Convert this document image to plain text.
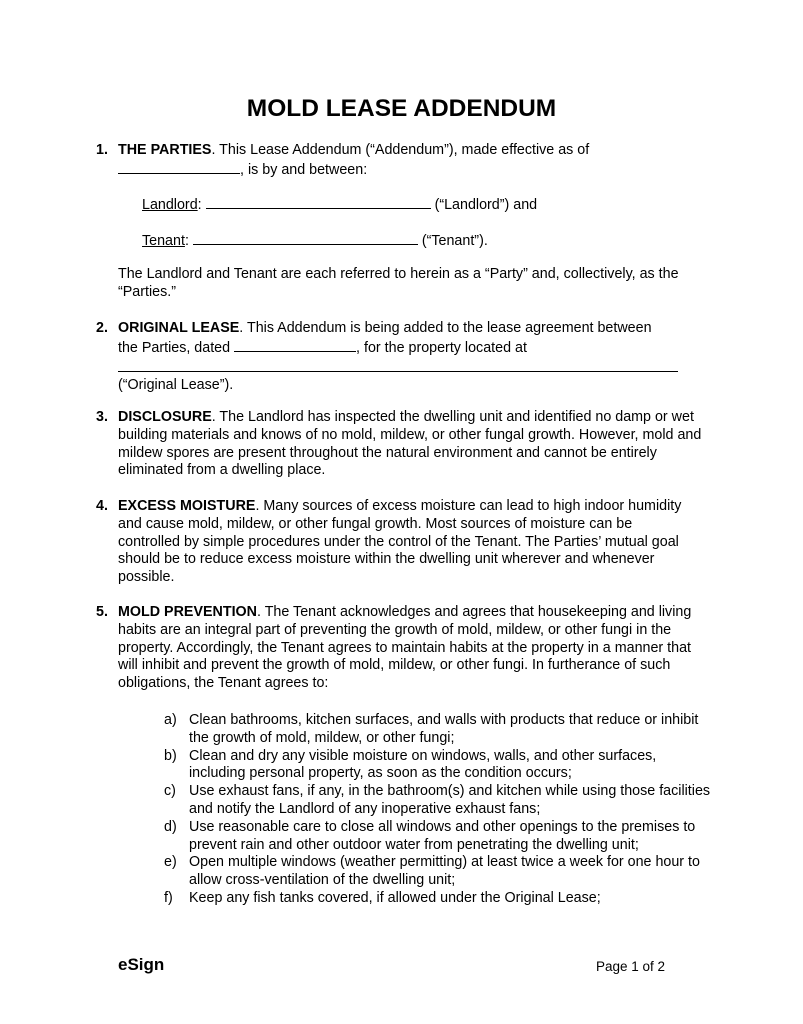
MOLD LEASE ADDENDUM
1. THE PARTIES. This Lease Addendum (“Addendum”), made effective as of
, is by and between:
Landlord:	(“Landlord”) and
Tenant:	(“Tenant”).
The Landlord and Tenant are each referred to herein as a “Party” and, collectively, as the “Parties.”
2. ORIGINAL LEASE. This Addendum is being added to the lease agreement between
the Parties, dated	, for the property located at

(“Original Lease”).
3. DISCLOSURE. The Landlord has inspected the dwelling unit and identified no damp or wet building materials and knows of no mold, mildew, or other fungal growth. However, mold and mildew spores are present throughout the natural environment and cannot be entirely eliminated from a dwelling place.
4. EXCESS MOISTURE. Many sources of excess moisture can lead to high indoor humidity and cause mold, mildew, or other fungal growth. Most sources of moisture can be controlled by simple procedures under the control of the Tenant. The Parties’ mutual goal should be to reduce excess moisture within the dwelling unit wherever and whenever possible.
5. MOLD PREVENTION. The Tenant acknowledges and agrees that housekeeping and living habits are an integral part of preventing the growth of mold, mildew, or other fungi in the property. Accordingly, the Tenant agrees to maintain habits at the property in a manner that will inhibit and prevent the growth of mold, mildew, or other fungi. In furtherance of such obligations, the Tenant agrees to:
a) Clean bathrooms, kitchen surfaces, and walls with products that reduce or inhibit the growth of mold, mildew, or other fungi;
b) Clean and dry any visible moisture on windows, walls, and other surfaces, including personal property, as soon as the condition occurs;
c) Use exhaust fans, if any, in the bathroom(s) and kitchen while using those facilities and notify the Landlord of any inoperative exhaust fans;
d) Use reasonable care to close all windows and other openings to the premises to prevent rain and other outdoor water from penetrating the dwelling unit;
e) Open multiple windows (weather permitting) at least twice a week for one hour to allow cross-ventilation of the dwelling unit;
f) Keep any fish tanks covered, if allowed under the Original Lease;
eSign	Page 1 of 2
